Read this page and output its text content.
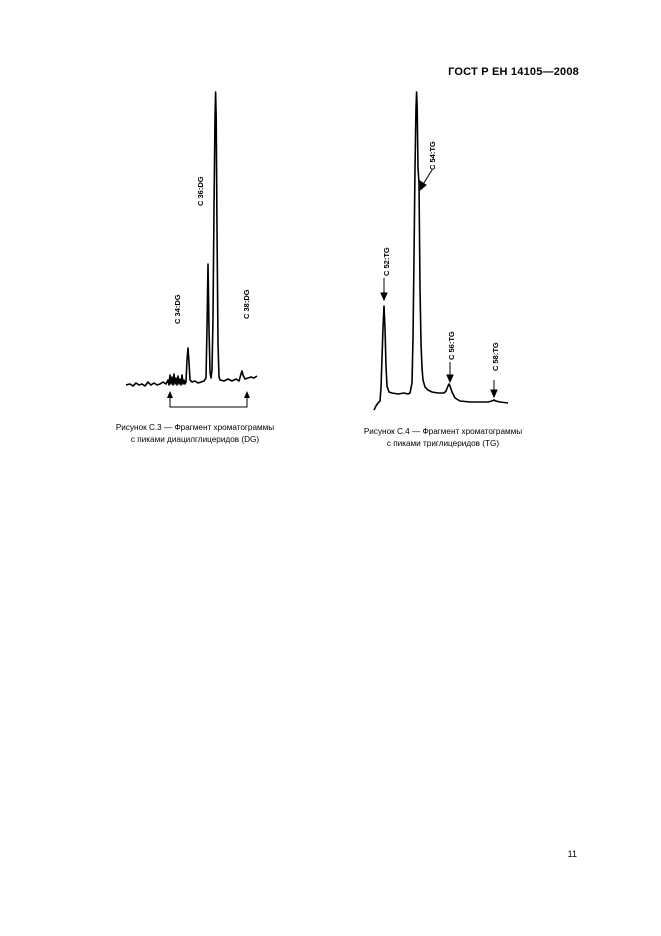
ГОСТ Р ЕН 14105—2008
C 34:DG
C 36:DG
C 38:DG
Рисунок С.3 — Фрагмент хроматограммы
с пиками диацилглицеридов (DG)
C 52:TG
C 54:TG
C 56:TG	C 58:TG
Рисунок С.4 — Фрагмент хроматограммы
с пиками триглицеридов (TG)
11
